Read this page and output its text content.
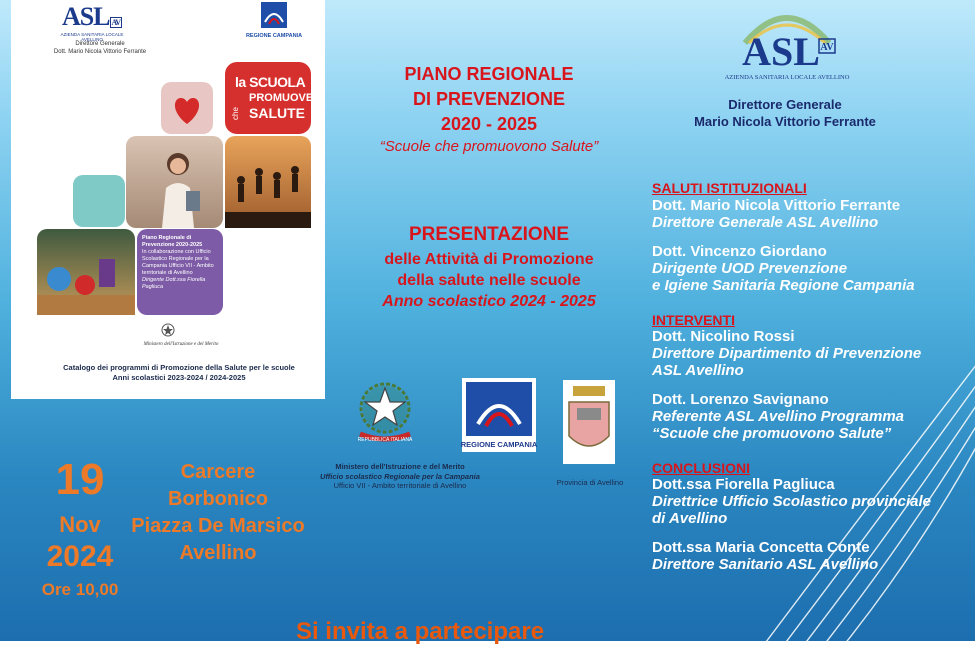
ASL AV
AZIENDA SANITARIA LOCALE AVELLINO
Direttore Generale
Dott. Mario Nicola Vittorio Ferrante
REGIONE CAMPANIA
la SCUOLA
che
PROMUOVE
SALUTE
Piano Regionale di Prevenzione 2020-2025
In collaborazione con Ufficio Scolastico Regionale per la Campania Ufficio VII - Ambito territoriale di Avellino
Dirigente Dott.ssa Fiorella Pagliuca
Ministero dell'Istruzione e del Merito
Catalogo dei programmi di Promozione della Salute per le scuole
Anni scolastici 2023-2024 / 2024-2025
PIANO REGIONALE
DI PREVENZIONE
2020 - 2025
“Scuole che promuovono Salute”
PRESENTAZIONE
delle Attività di Promozione
della salute nelle scuole
Anno scolastico 2024 - 2025
REPUBBLICA ITALIANA	REGIONE CAMPANIA
Ministero dell'Istruzione e del Merito
Ufficio scolastico Regionale per la Campania
Ufficio VII - Ambito territoriale di Avellino	Provincia di Avellino
19
Nov
2024
Ore 10,00
Carcere
Borbonico
Piazza De Marsico
Avellino
Si invita a partecipare
ASL AV
AZIENDA SANITARIA LOCALE AVELLINO
Direttore Generale
Mario Nicola Vittorio Ferrante
SALUTI ISTITUZIONALI
Dott. Mario Nicola Vittorio Ferrante
Direttore Generale ASL Avellino
Dott. Vincenzo Giordano
Dirigente UOD Prevenzione
e Igiene Sanitaria Regione Campania
INTERVENTI
Dott. Nicolino Rossi
Direttore Dipartimento di Prevenzione
ASL Avellino
Dott. Lorenzo Savignano
Referente ASL Avellino Programma
“Scuole che promuovono Salute”
CONCLUSIONI
Dott.ssa Fiorella Pagliuca
Direttrice Ufficio Scolastico provinciale
di Avellino
Dott.ssa Maria Concetta Conte
Direttore Sanitario ASL Avellino
